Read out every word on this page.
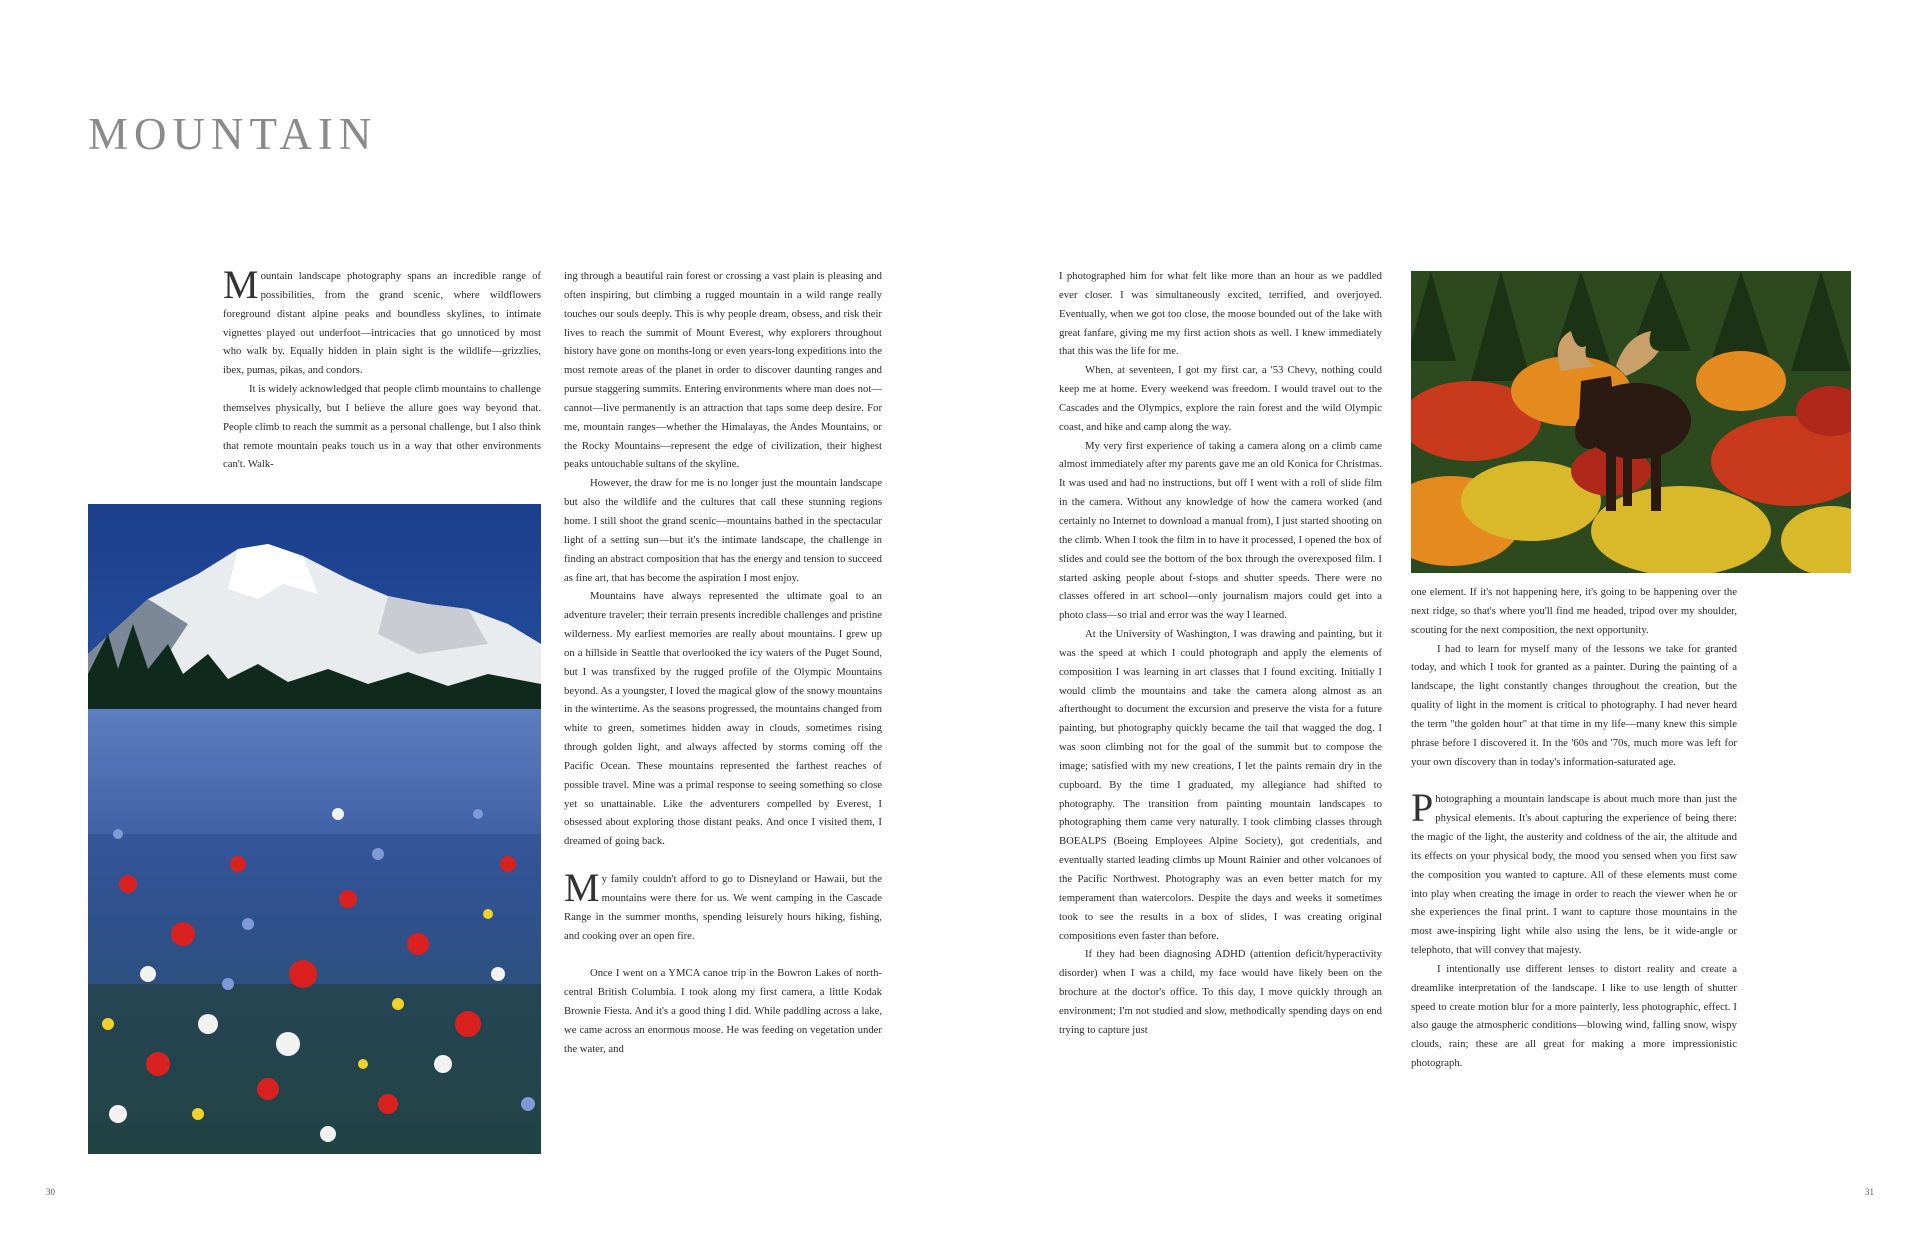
MOUNTAIN

Mountain landscape photography spans an incredible range of possibilities, from the grand scenic, where wildflowers foreground distant alpine peaks and boundless skylines, to intimate vignettes played out underfoot—intricacies that go unnoticed by most who walk by. Equally hidden in plain sight is the wildlife—grizzlies, ibex, pumas, pikas, and condors.

It is widely acknowledged that people climb mountains to challenge themselves physically, but I believe the allure goes way beyond that. People climb to reach the summit as a personal challenge, but I also think that remote mountain peaks touch us in a way that other environments can't. Walk-

ing through a beautiful rain forest or crossing a vast plain is pleasing and often inspiring, but climbing a rugged mountain in a wild range really touches our souls deeply. This is why people dream, obsess, and risk their lives to reach the summit of Mount Everest, why explorers throughout history have gone on months-long or even years-long expeditions into the most remote areas of the planet in order to discover daunting ranges and pursue staggering summits. Entering environments where man does not—cannot—live permanently is an attraction that taps some deep desire. For me, mountain ranges—whether the Himalayas, the Andes Mountains, or the Rocky Mountains—represent the edge of civilization, their highest peaks untouchable sultans of the skyline.

However, the draw for me is no longer just the mountain landscape but also the wildlife and the cultures that call these stunning regions home. I still shoot the grand scenic—mountains bathed in the spectacular light of a setting sun—but it's the intimate landscape, the challenge in finding an abstract composition that has the energy and tension to succeed as fine art, that has become the aspiration I most enjoy.

Mountains have always represented the ultimate goal to an adventure traveler; their terrain presents incredible challenges and pristine wilderness. My earliest memories are really about mountains. I grew up on a hillside in Seattle that overlooked the icy waters of the Puget Sound, but I was transfixed by the rugged profile of the Olympic Mountains beyond. As a youngster, I loved the magical glow of the snowy mountains in the wintertime. As the seasons progressed, the mountains changed from white to green, sometimes hidden away in clouds, sometimes rising through golden light, and always affected by storms coming off the Pacific Ocean. These mountains represented the farthest reaches of possible travel. Mine was a primal response to seeing something so close yet so unattainable. Like the adventurers compelled by Everest, I obsessed about exploring those distant peaks. And once I visited them, I dreamed of going back.

My family couldn't afford to go to Disneyland or Hawaii, but the mountains were there for us. We went camping in the Cascade Range in the summer months, spending leisurely hours hiking, fishing, and cooking over an open fire.

Once I went on a YMCA canoe trip in the Bowron Lakes of north-central British Columbia. I took along my first camera, a little Kodak Brownie Fiesta. And it's a good thing I did. While paddling across a lake, we came across an enormous moose. He was feeding on vegetation under the water, and

I photographed him for what felt like more than an hour as we paddled ever closer. I was simultaneously excited, terrified, and overjoyed. Eventually, when we got too close, the moose bounded out of the lake with great fanfare, giving me my first action shots as well. I knew immediately that this was the life for me.

When, at seventeen, I got my first car, a '53 Chevy, nothing could keep me at home. Every weekend was freedom. I would travel out to the Cascades and the Olympics, explore the rain forest and the wild Olympic coast, and hike and camp along the way.

My very first experience of taking a camera along on a climb came almost immediately after my parents gave me an old Konica for Christmas. It was used and had no instructions, but off I went with a roll of slide film in the camera. Without any knowledge of how the camera worked (and certainly no Internet to download a manual from), I just started shooting on the climb. When I took the film in to have it processed, I opened the box of slides and could see the bottom of the box through the overexposed film. I started asking people about f-stops and shutter speeds. There were no classes offered in art school—only journalism majors could get into a photo class—so trial and error was the way I learned.

At the University of Washington, I was drawing and painting, but it was the speed at which I could photograph and apply the elements of composition I was learning in art classes that I found exciting. Initially I would climb the mountains and take the camera along almost as an afterthought to document the excursion and preserve the vista for a future painting, but photography quickly became the tail that wagged the dog. I was soon climbing not for the goal of the summit but to compose the image; satisfied with my new creations, I let the paints remain dry in the cupboard. By the time I graduated, my allegiance had shifted to photography. The transition from painting mountain landscapes to photographing them came very naturally. I took climbing classes through BOEALPS (Boeing Employees Alpine Society), got credentials, and eventually started leading climbs up Mount Rainier and other volcanoes of the Pacific Northwest. Photography was an even better match for my temperament than watercolors. Despite the days and weeks it sometimes took to see the results in a box of slides, I was creating original compositions even faster than before.

If they had been diagnosing ADHD (attention deficit/hyperactivity disorder) when I was a child, my face would have likely been on the brochure at the doctor's office. To this day, I move quickly through an environment; I'm not studied and slow, methodically spending days on end trying to capture just

one element. If it's not happening here, it's going to be happening over the next ridge, so that's where you'll find me headed, tripod over my shoulder, scouting for the next composition, the next opportunity.

I had to learn for myself many of the lessons we take for granted today, and which I took for granted as a painter. During the painting of a landscape, the light constantly changes throughout the creation, but the quality of light in the moment is critical to photography. I had never heard the term "the golden hour" at that time in my life—many knew this simple phrase before I discovered it. In the '60s and '70s, much more was left for your own discovery than in today's information-saturated age.

Photographing a mountain landscape is about much more than just the physical elements. It's about capturing the experience of being there: the magic of the light, the austerity and coldness of the air, the altitude and its effects on your physical body, the mood you sensed when you first saw the composition you wanted to capture. All of these elements must come into play when creating the image in order to reach the viewer when he or she experiences the final print. I want to capture those mountains in the most awe-inspiring light while also using the lens, be it wide-angle or telephoto, that will convey that majesty.

I intentionally use different lenses to distort reality and create a dreamlike interpretation of the landscape. I like to use length of shutter speed to create motion blur for a more painterly, less photographic, effect. I also gauge the atmospheric conditions—blowing wind, falling snow, wispy clouds, rain; these are all great for making a more impressionistic photograph.

30	31
